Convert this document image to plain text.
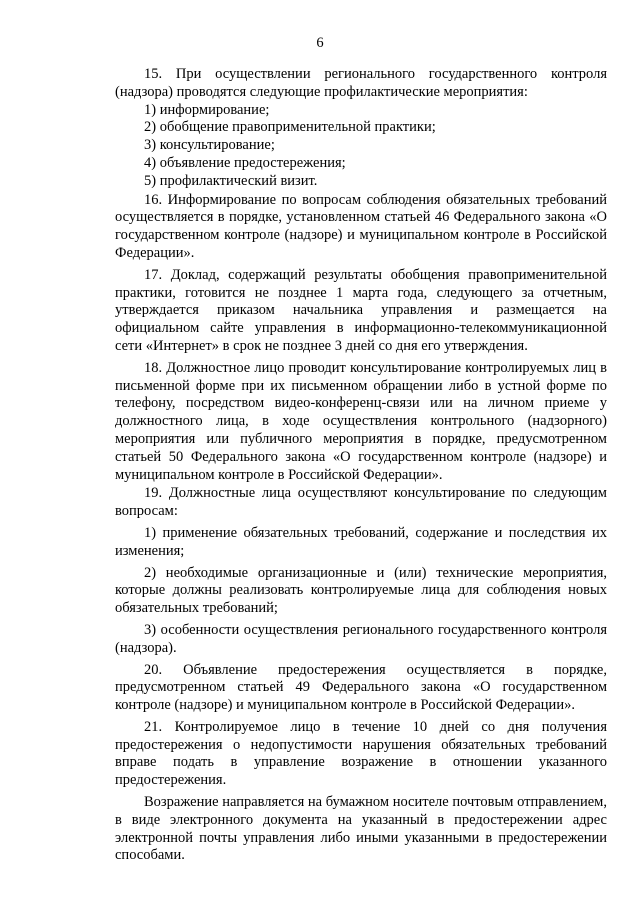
6

15. При осуществлении регионального государственного контроля (надзора) проводятся следующие профилактические мероприятия:

1) информирование;

2) обобщение правоприменительной практики;

3) консультирование;

4) объявление предостережения;

5) профилактический визит.

16. Информирование по вопросам соблюдения обязательных требований осуществляется в порядке, установленном статьей 46 Федерального закона «О государственном контроле (надзоре) и муниципальном контроле в Российской Федерации».

17. Доклад, содержащий результаты обобщения правоприменительной практики, готовится не позднее 1 марта года, следующего за отчетным, утверждается приказом начальника управления и размещается на официальном сайте управления в информационно-телекоммуникационной сети «Интернет» в срок не позднее 3 дней со дня его утверждения.

18. Должностное лицо проводит консультирование контролируемых лиц в письменной форме при их письменном обращении либо в устной форме по телефону, посредством видео-конференц-связи или на личном приеме у должностного лица, в ходе осуществления контрольного (надзорного) мероприятия или публичного мероприятия в порядке, предусмотренном статьей 50 Федерального закона «О государственном контроле (надзоре) и муниципальном контроле в Российской Федерации».

19. Должностные лица осуществляют консультирование по следующим вопросам:

1) применение обязательных требований, содержание и последствия их изменения;

2) необходимые организационные и (или) технические мероприятия, которые должны реализовать контролируемые лица для соблюдения новых обязательных требований;

3) особенности осуществления регионального государственного контроля (надзора).

20. Объявление предостережения осуществляется в порядке, предусмотренном статьей 49 Федерального закона «О государственном контроле (надзоре) и муниципальном контроле в Российской Федерации».

21. Контролируемое лицо в течение 10 дней со дня получения предостережения о недопустимости нарушения обязательных требований вправе подать в управление возражение в отношении указанного предостережения.

Возражение направляется на бумажном носителе почтовым отправлением, в виде электронного документа на указанный в предостережении адрес электронной почты управления либо иными указанными в предостережении способами.
